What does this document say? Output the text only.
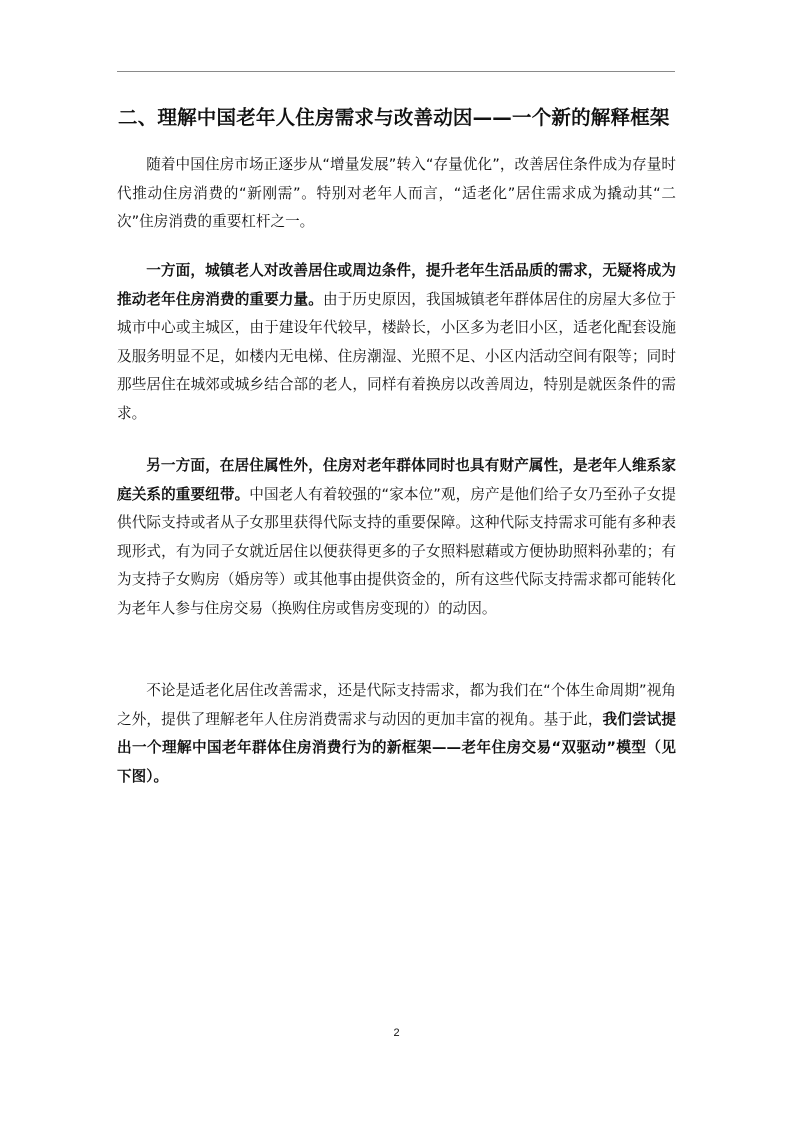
二、理解中国老年人住房需求与改善动因——一个新的解释框架

随着中国住房市场正逐步从“增量发展”转入“存量优化”，改善居住条件成为存量时代推动住房消费的“新刚需”。特别对老年人而言，“适老化”居住需求成为撬动其“二次”住房消费的重要杠杆之一。

一方面，城镇老人对改善居住或周边条件，提升老年生活品质的需求，无疑将成为推动老年住房消费的重要力量。由于历史原因，我国城镇老年群体居住的房屋大多位于城市中心或主城区，由于建设年代较早，楼龄长，小区多为老旧小区，适老化配套设施及服务明显不足，如楼内无电梯、住房潮湿、光照不足、小区内活动空间有限等；同时那些居住在城郊或城乡结合部的老人，同样有着换房以改善周边，特别是就医条件的需求。

另一方面，在居住属性外，住房对老年群体同时也具有财产属性，是老年人维系家庭关系的重要纽带。中国老人有着较强的“家本位”观，房产是他们给子女乃至孙子女提供代际支持或者从子女那里获得代际支持的重要保障。这种代际支持需求可能有多种表现形式，有为同子女就近居住以便获得更多的子女照料慰藉或方便协助照料孙辈的；有为支持子女购房（婚房等）或其他事由提供资金的，所有这些代际支持需求都可能转化为老年人参与住房交易（换购住房或售房变现的）的动因。

不论是适老化居住改善需求，还是代际支持需求，都为我们在“个体生命周期”视角之外，提供了理解老年人住房消费需求与动因的更加丰富的视角。基于此，我们尝试提出一个理解中国老年群体住房消费行为的新框架——老年住房交易“双驱动”模型（见下图）。

2
